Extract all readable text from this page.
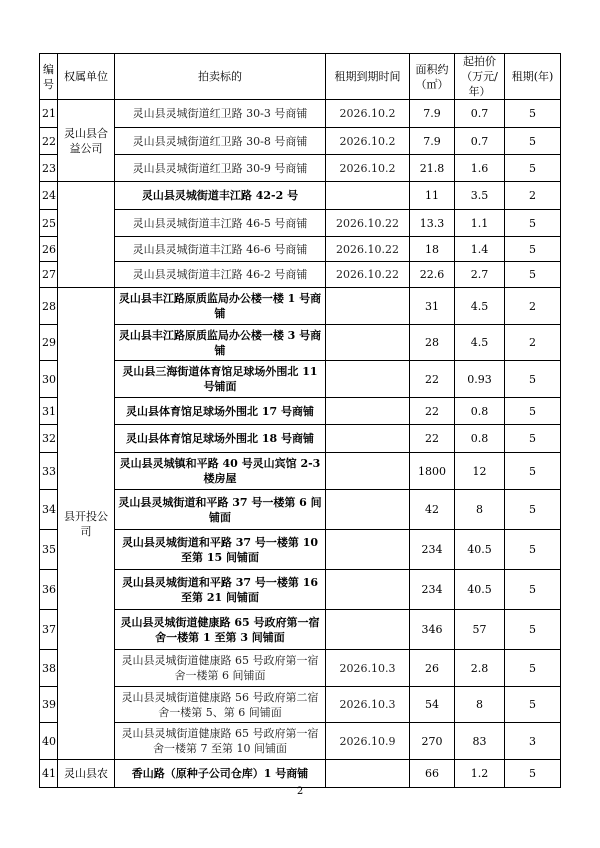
编号	权属单位	拍卖标的	租期到期时间	面积约（㎡）	起拍价（万元/年）	租期(年)
21	灵山县合益公司	灵山县灵城街道红卫路 30-3 号商铺	2026.10.2	7.9	0.7	5
22		灵山县灵城街道红卫路 30-8 号商铺	2026.10.2	7.9	0.7	5
23		灵山县灵城街道红卫路 30-9 号商铺	2026.10.2	21.8	1.6	5
24		灵山县灵城街道丰江路 42-2 号		11	3.5	2
25		灵山县灵城街道丰江路 46-5 号商铺	2026.10.22	13.3	1.1	5
26		灵山县灵城街道丰江路 46-6 号商铺	2026.10.22	18	1.4	5
27		灵山县灵城街道丰江路 46-2 号商铺	2026.10.22	22.6	2.7	5
28	县开投公司	灵山县丰江路原质监局办公楼一楼 1 号商铺		31	4.5	2
29		灵山县丰江路原质监局办公楼一楼 3 号商铺		28	4.5	2
30		灵山县三海街道体育馆足球场外围北 11 号铺面		22	0.93	5
31		灵山县体育馆足球场外围北 17 号商铺		22	0.8	5
32		灵山县体育馆足球场外围北 18 号商铺		22	0.8	5
33		灵山县灵城镇和平路 40 号灵山宾馆 2-3 楼房屋		1800	12	5
34		灵山县灵城街道和平路 37 号一楼第 6 间铺面		42	8	5
35		灵山县灵城街道和平路 37 号一楼第 10 至第 15 间铺面		234	40.5	5
36		灵山县灵城街道和平路 37 号一楼第 16 至第 21 间铺面		234	40.5	5
37		灵山县灵城街道健康路 65 号政府第一宿舍一楼第 1 至第 3 间铺面		346	57	5
38		灵山县灵城街道健康路 65 号政府第一宿舍一楼第 6 间铺面	2026.10.3	26	2.8	5
39		灵山县灵城街道健康路 56 号政府第二宿舍一楼第 5、第 6 间铺面	2026.10.3	54	8	5
40		灵山县灵城街道健康路 65 号政府第一宿舍一楼第 7 至第 10 间铺面	2026.10.9	270	83	3
41	灵山县农	香山路（原种子公司仓库）1 号商铺		66	1.2	5
2
